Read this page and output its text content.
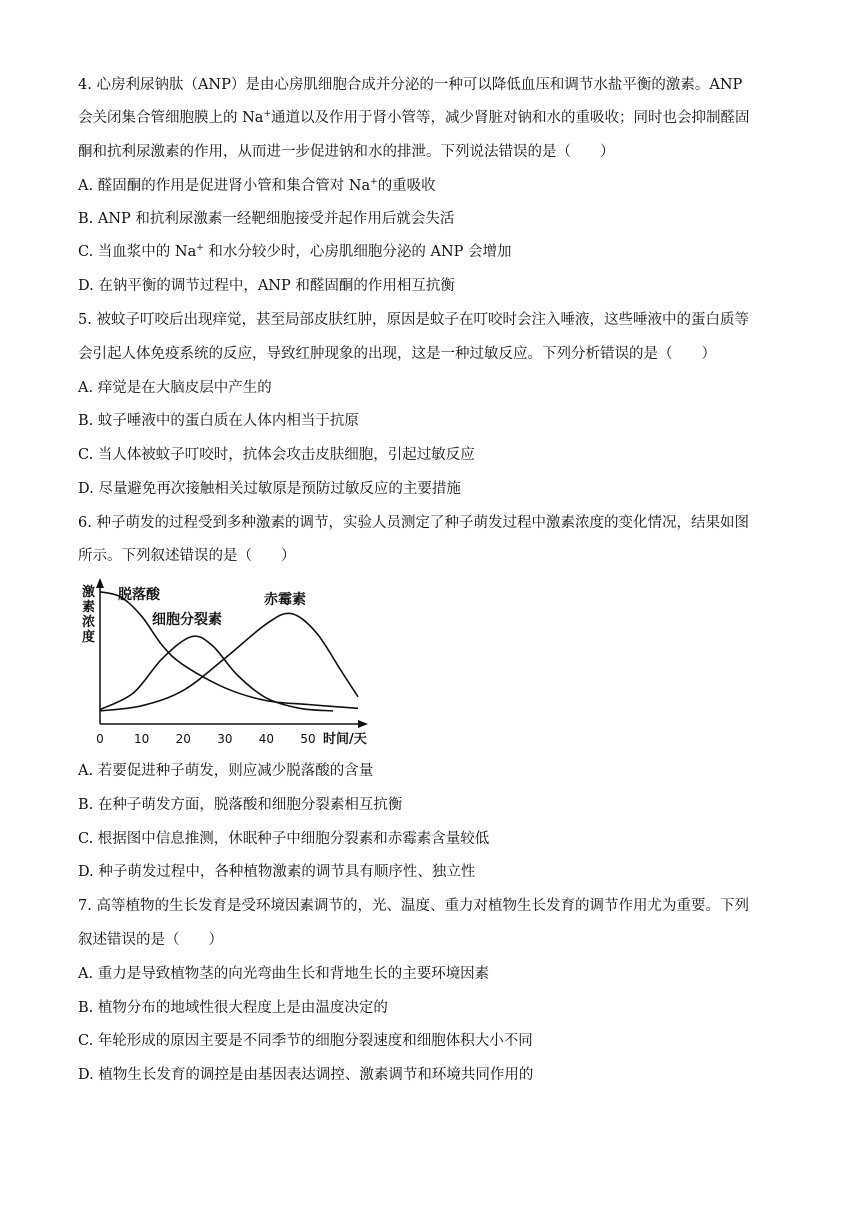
4. 心房利尿钠肽（ANP）是由心房肌细胞合成并分泌的一种可以降低血压和调节水盐平衡的激素。ANP
会关闭集合管细胞膜上的 Na+通道以及作用于肾小管等，减少肾脏对钠和水的重吸收；同时也会抑制醛固
酮和抗利尿激素的作用，从而进一步促进钠和水的排泄。下列说法错误的是（　　）
A. 醛固酮的作用是促进肾小管和集合管对 Na+的重吸收
B. ANP 和抗利尿激素一经靶细胞接受并起作用后就会失活
C. 当血浆中的 Na+ 和水分较少时，心房肌细胞分泌的 ANP 会增加
D. 在钠平衡的调节过程中，ANP 和醛固酮的作用相互抗衡
5. 被蚊子叮咬后出现痒觉，甚至局部皮肤红肿，原因是蚊子在叮咬时会注入唾液，这些唾液中的蛋白质等
会引起人体免疫系统的反应，导致红肿现象的出现，这是一种过敏反应。下列分析错误的是（　　）
A. 痒觉是在大脑皮层中产生的
B. 蚊子唾液中的蛋白质在人体内相当于抗原
C. 当人体被蚊子叮咬时，抗体会攻击皮肤细胞，引起过敏反应
D. 尽量避免再次接触相关过敏原是预防过敏反应的主要措施
6. 种子萌发的过程受到多种激素的调节，实验人员测定了种子萌发过程中激素浓度的变化情况，结果如图
所示。下列叙述错误的是（　　）
激素浓度
时间/天
0	10 20 30 40 50
脱落酸
细胞分裂素
赤霉素
A. 若要促进种子萌发，则应减少脱落酸的含量
B. 在种子萌发方面，脱落酸和细胞分裂素相互抗衡
C. 根据图中信息推测，休眠种子中细胞分裂素和赤霉素含量较低
D. 种子萌发过程中，各种植物激素的调节具有顺序性、独立性
7. 高等植物的生长发育是受环境因素调节的，光、温度、重力对植物生长发育的调节作用尤为重要。下列
叙述错误的是（　　）
A. 重力是导致植物茎的向光弯曲生长和背地生长的主要环境因素
B. 植物分布的地域性很大程度上是由温度决定的
C. 年轮形成的原因主要是不同季节的细胞分裂速度和细胞体积大小不同
D. 植物生长发育的调控是由基因表达调控、激素调节和环境共同作用的
